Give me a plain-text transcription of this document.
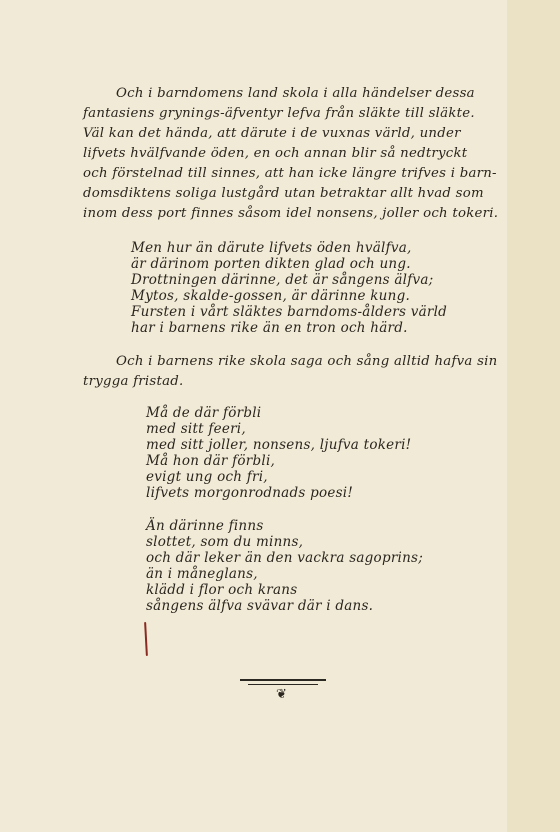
Och i barndomens land skola i alla händelser dessa
fantasiens grynings-äfventyr lefva från släkte till släkte.
Väl kan det hända, att därute i de vuxnas värld, under
lifvets hvälfvande öden, en och annan blir så nedtryckt
och förstelnad till sinnes, att han icke längre trifves i barn-
domsdiktens soliga lustgård utan betraktar allt hvad som
inom dess port finnes såsom idel nonsens, joller och tokeri.
Men hur än därute lifvets öden hvälfva,
är därinom porten dikten glad och ung.
Drottningen därinne, det är sångens älfva;
Mytos, skalde-gossen, är därinne kung.
Fursten i vårt släktes barndoms-ålders värld
har i barnens rike än en tron och härd.
Och i barnens rike skola saga och sång alltid hafva sin
trygga fristad.
Må de där förbli
med sitt feeri,
med sitt joller, nonsens, ljufva tokeri!
Må hon där förbli,
evigt ung och fri,
lifvets morgonrodnads poesi!
Än därinne finns
slottet, som du minns,
och där leker än den vackra sagoprins;
än i måneglans,
klädd i flor och krans
sångens älfva svävar där i dans.
❦
